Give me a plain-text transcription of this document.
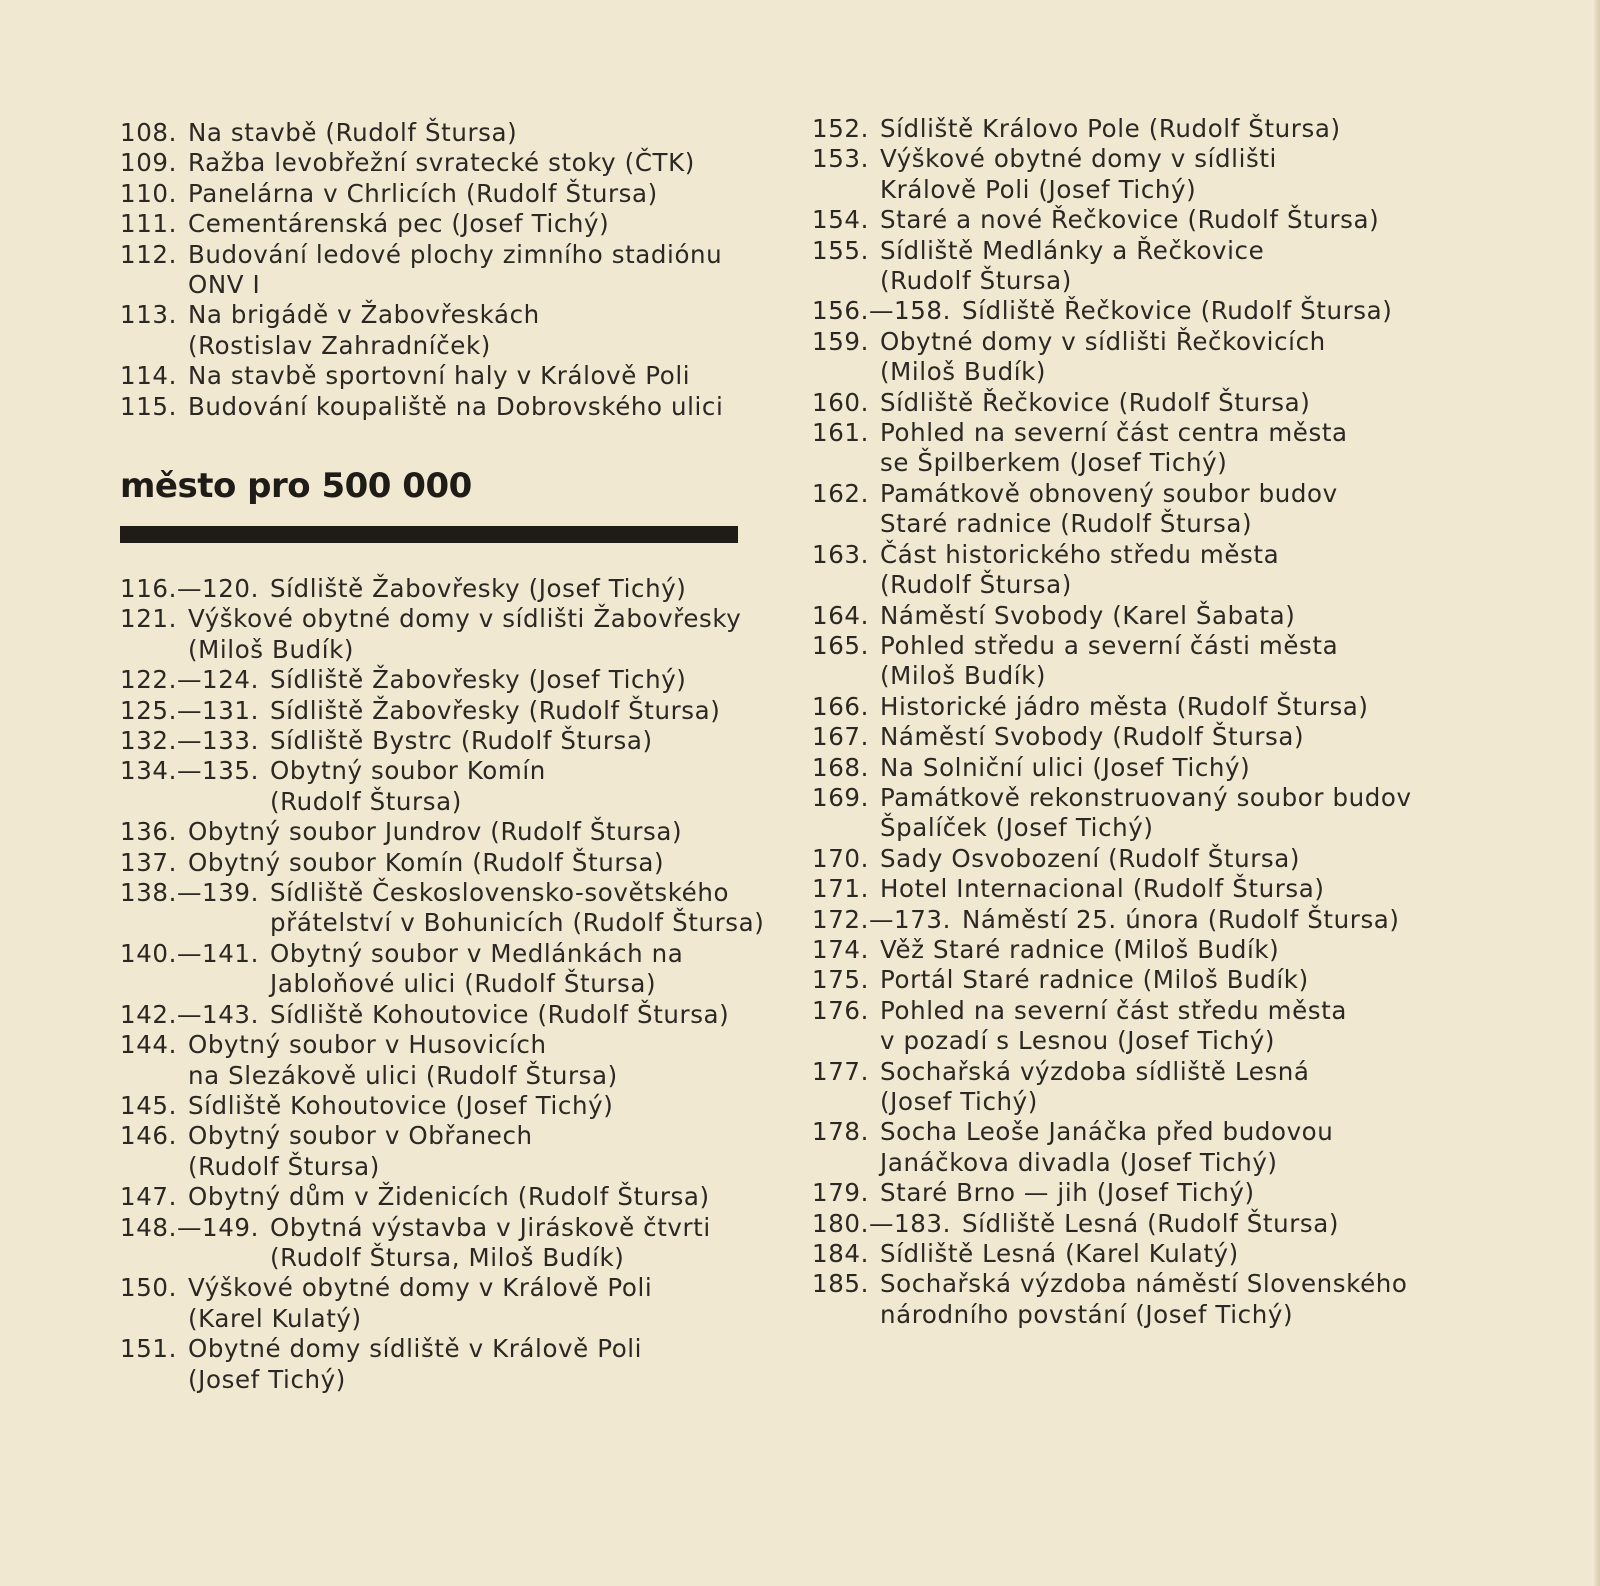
108. Na stavbě (Rudolf Štursa)
109. Ražba levobřežní svratecké stoky (ČTK)
110. Panelárna v Chrlicích (Rudolf Štursa)
111. Cementárenská pec (Josef Tichý)
112. Budování ledové plochy zimního stadiónu
ONV I
113. Na brigádě v Žabovřeskách
(Rostislav Zahradníček)
114. Na stavbě sportovní haly v Králově Poli
115. Budování koupaliště na Dobrovského ulici
město pro 500 000
116.—120. Sídliště Žabovřesky (Josef Tichý)
121. Výškové obytné domy v sídlišti Žabovřesky
(Miloš Budík)
122.—124. Sídliště Žabovřesky (Josef Tichý)
125.—131. Sídliště Žabovřesky (Rudolf Štursa)
132.—133. Sídliště Bystrc (Rudolf Štursa)
134.—135. Obytný soubor Komín
(Rudolf Štursa)
136. Obytný soubor Jundrov (Rudolf Štursa)
137. Obytný soubor Komín (Rudolf Štursa)
138.—139. Sídliště Československo-sovětského
přátelství v Bohunicích (Rudolf Štursa)
140.—141. Obytný soubor v Medlánkách na
Jabloňové ulici (Rudolf Štursa)
142.—143. Sídliště Kohoutovice (Rudolf Štursa)
144. Obytný soubor v Husovicích
na Slezákově ulici (Rudolf Štursa)
145. Sídliště Kohoutovice (Josef Tichý)
146. Obytný soubor v Obřanech
(Rudolf Štursa)
147. Obytný dům v Židenicích (Rudolf Štursa)
148.—149. Obytná výstavba v Jiráskově čtvrti
(Rudolf Štursa, Miloš Budík)
150. Výškové obytné domy v Králově Poli
(Karel Kulatý)
151. Obytné domy sídliště v Králově Poli
(Josef Tichý)
152. Sídliště Královo Pole (Rudolf Štursa)
153. Výškové obytné domy v sídlišti
Králově Poli (Josef Tichý)
154. Staré a nové Řečkovice (Rudolf Štursa)
155. Sídliště Medlánky a Řečkovice
(Rudolf Štursa)
156.—158. Sídliště Řečkovice (Rudolf Štursa)
159. Obytné domy v sídlišti Řečkovicích
(Miloš Budík)
160. Sídliště Řečkovice (Rudolf Štursa)
161. Pohled na severní část centra města
se Špilberkem (Josef Tichý)
162. Památkově obnovený soubor budov
Staré radnice (Rudolf Štursa)
163. Část historického středu města
(Rudolf Štursa)
164. Náměstí Svobody (Karel Šabata)
165. Pohled středu a severní části města
(Miloš Budík)
166. Historické jádro města (Rudolf Štursa)
167. Náměstí Svobody (Rudolf Štursa)
168. Na Solniční ulici (Josef Tichý)
169. Památkově rekonstruovaný soubor budov
Špalíček (Josef Tichý)
170. Sady Osvobození (Rudolf Štursa)
171. Hotel Internacional (Rudolf Štursa)
172.—173. Náměstí 25. února (Rudolf Štursa)
174. Věž Staré radnice (Miloš Budík)
175. Portál Staré radnice (Miloš Budík)
176. Pohled na severní část středu města
v pozadí s Lesnou (Josef Tichý)
177. Sochařská výzdoba sídliště Lesná
(Josef Tichý)
178. Socha Leoše Janáčka před budovou
Janáčkova divadla (Josef Tichý)
179. Staré Brno — jih (Josef Tichý)
180.—183. Sídliště Lesná (Rudolf Štursa)
184. Sídliště Lesná (Karel Kulatý)
185. Sochařská výzdoba náměstí Slovenského
národního povstání (Josef Tichý)
